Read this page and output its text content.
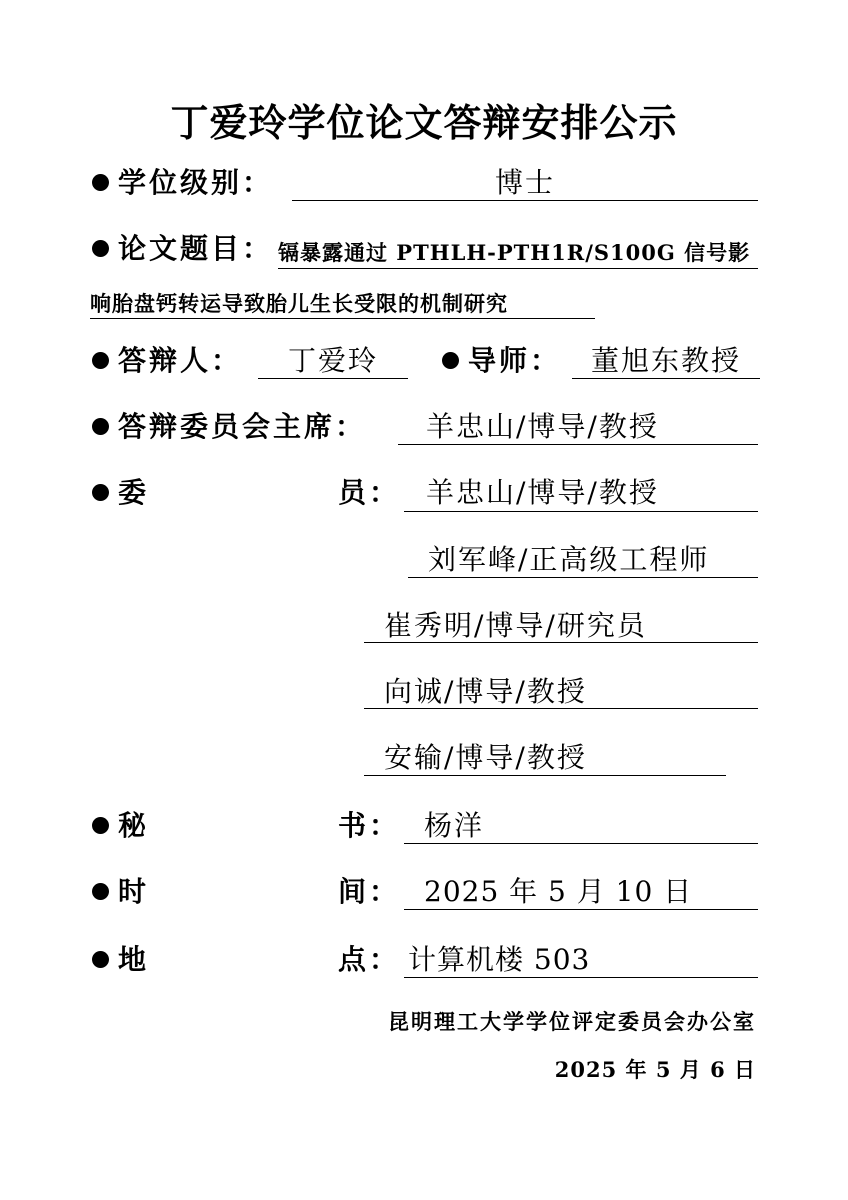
丁爱玲学位论文答辩安排公示
学位级别：	博士
论文题目： 镉暴露通过 PTHLH-PTH1R/S100G 信号影
响胎盘钙转运导致胎儿生长受限的机制研究
答辩人：	丁爱玲	导师：	董旭东教授
答辩委员会主席： 羊忠山/博导/教授
委	员： 羊忠山/博导/教授
刘军峰/正高级工程师
崔秀明/博导/研究员
向诚/博导/教授
安输/博导/教授
秘	书： 杨洋
时	间： 2025 年 5 月 10 日
地	点： 计算机楼 503
昆明理工大学学位评定委员会办公室
2025 年 5 月 6 日
